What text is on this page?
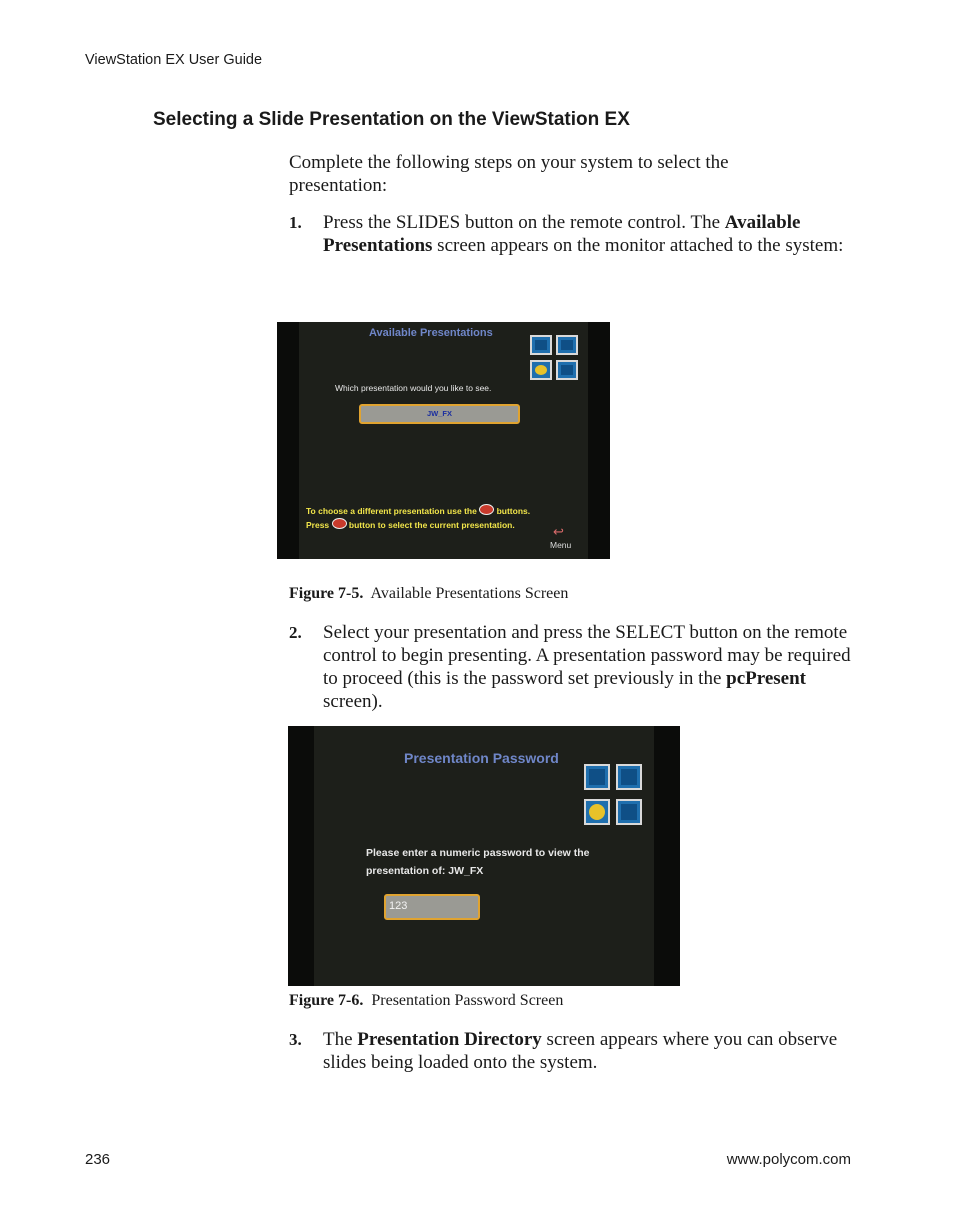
ViewStation EX User Guide
Selecting a Slide Presentation on the ViewStation EX
Complete the following steps on your system to select the presentation:
1. Press the SLIDES button on the remote control. The Available Presentations screen appears on the monitor attached to the system:
Available Presentations
Which presentation would you like to see.
JW_FX
To choose a different presentation use the buttons.
Press button to select the current presentation.	↩
Menu
Figure 7-5. Available Presentations Screen
2. Select your presentation and press the SELECT button on the remote control to begin presenting. A presentation password may be required to proceed (this is the password set previously in the pcPresent screen).
Presentation Password
Please enter a numeric password to view the
presentation of: JW_FX
123
Figure 7-6. Presentation Password Screen
3. The Presentation Directory screen appears where you can observe slides being loaded onto the system.
236	www.polycom.com
